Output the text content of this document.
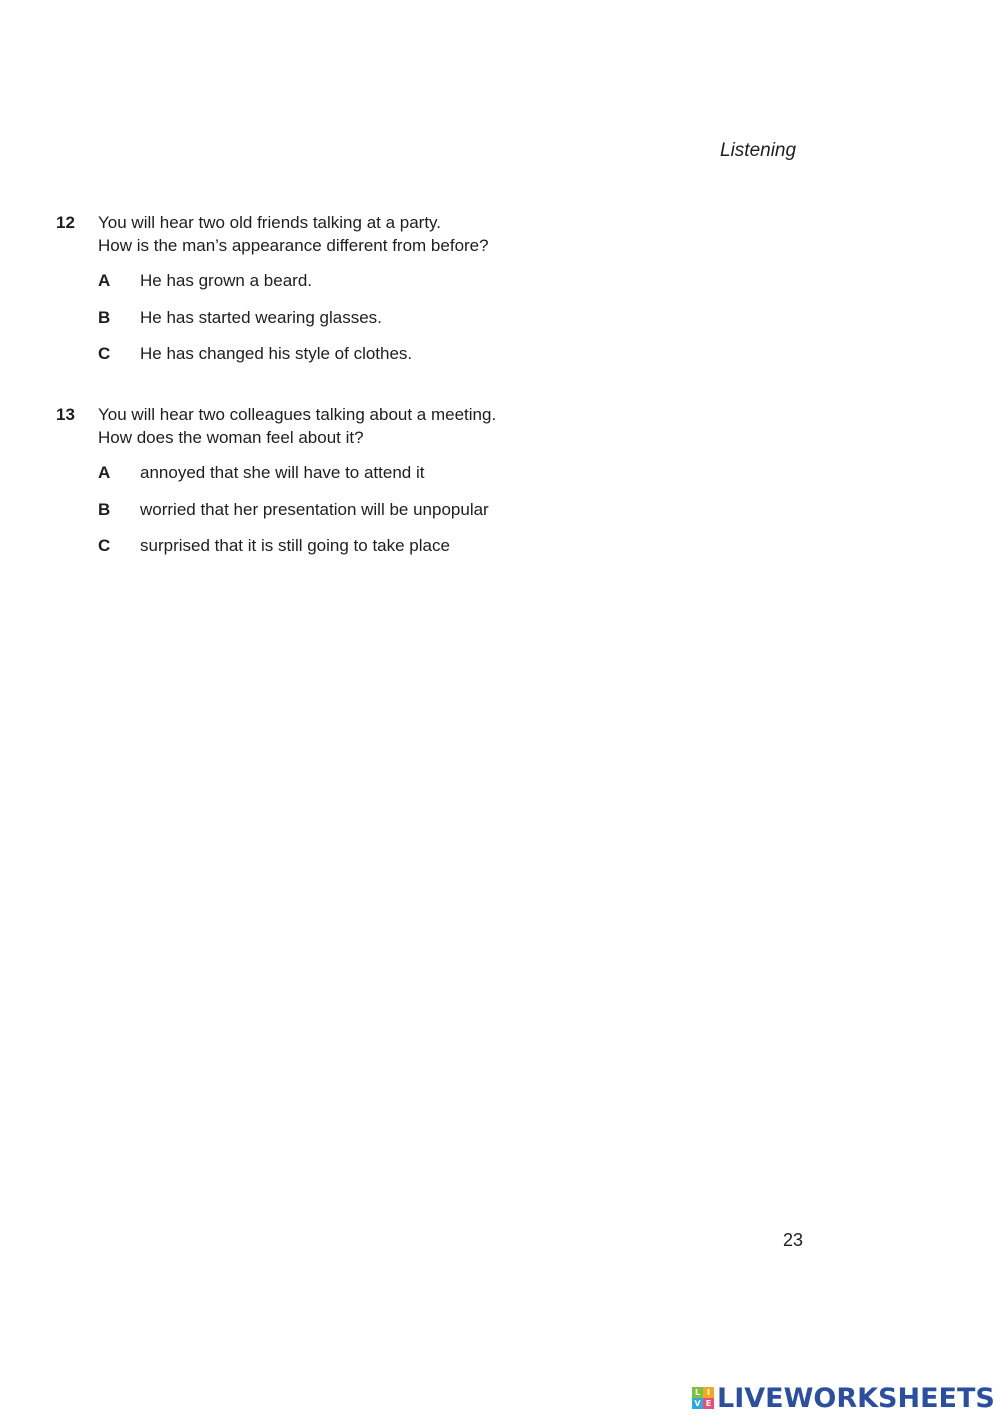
Listening
12 You will hear two old friends talking at a party.
How is the man’s appearance different from before?
A	He has grown a beard.
B	He has started wearing glasses.
C	He has changed his style of clothes.
13 You will hear two colleagues talking about a meeting.
How does the woman feel about it?
A	annoyed that she will have to attend it
B	worried that her presentation will be unpopular
C	surprised that it is still going to take place
23
L I
V E LIVEWORKSHEETS
